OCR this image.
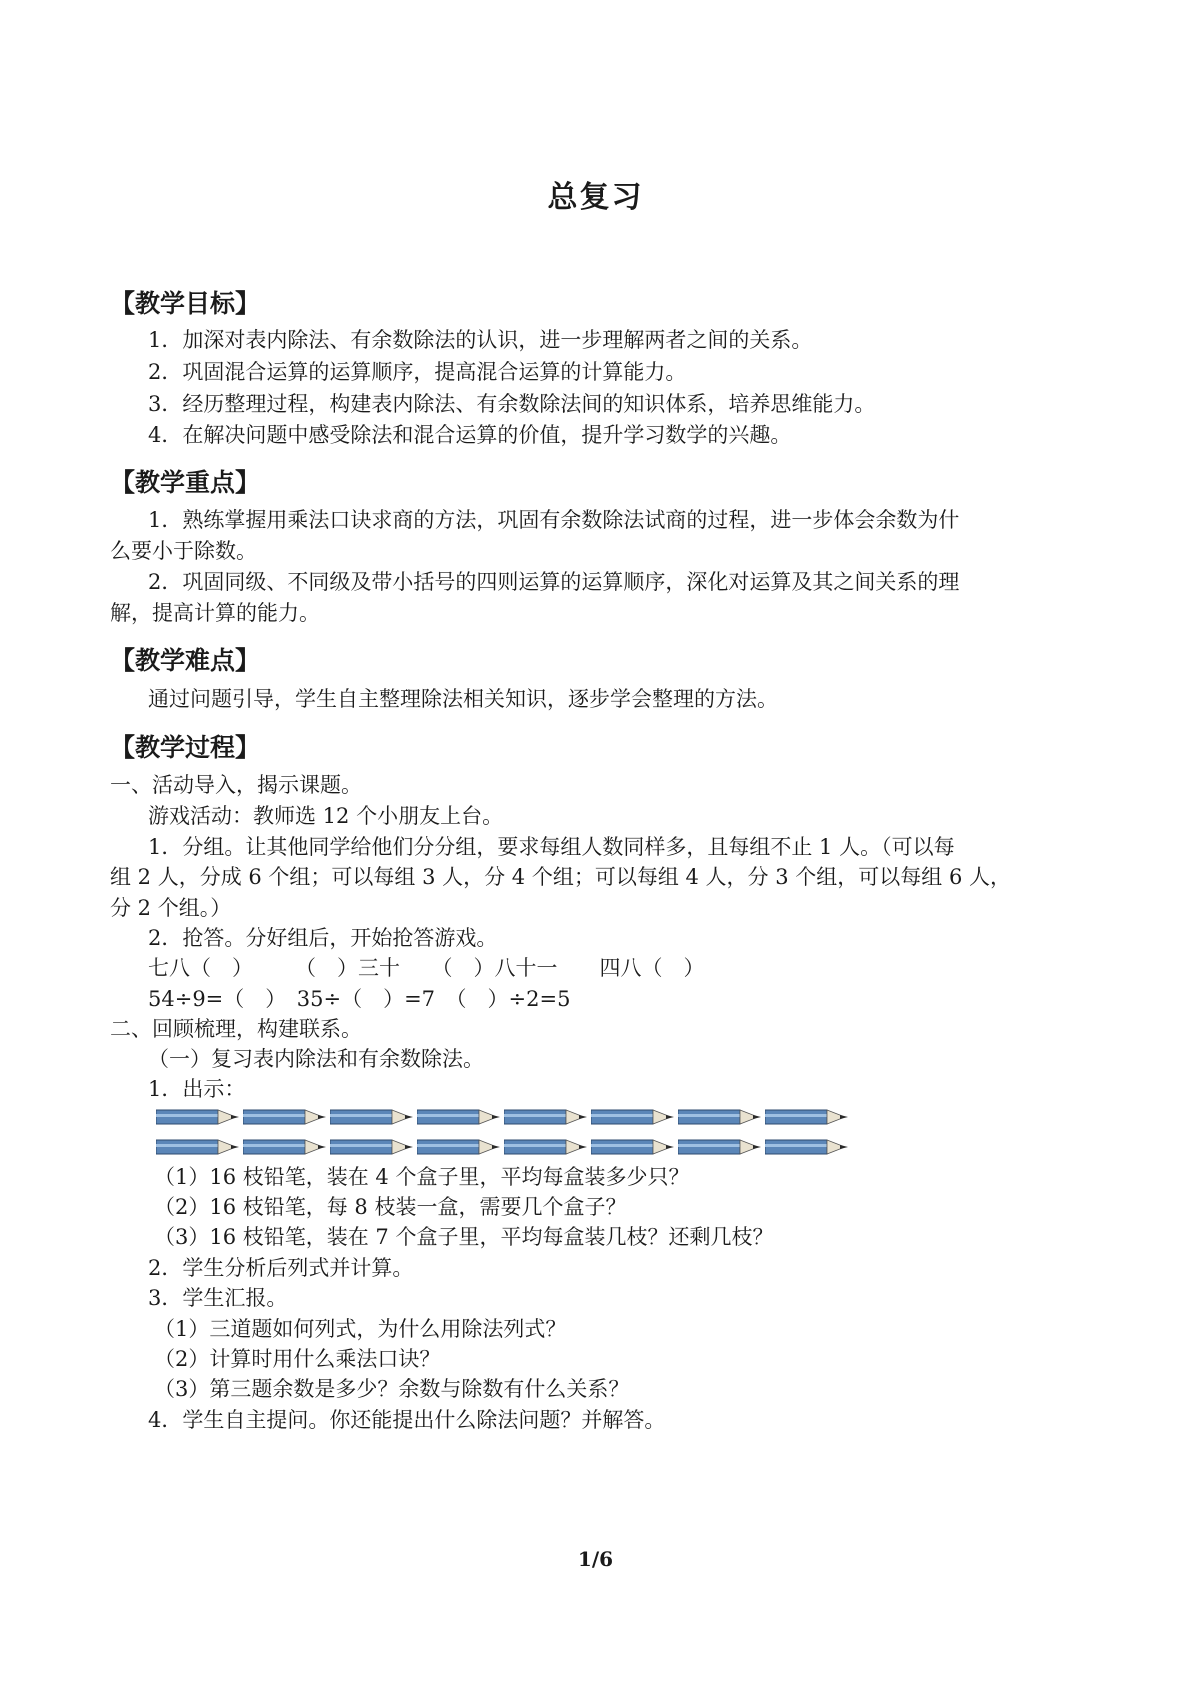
总复习
【教学目标】
1．加深对表内除法、有余数除法的认识，进一步理解两者之间的关系。
2．巩固混合运算的运算顺序，提高混合运算的计算能力。
3．经历整理过程，构建表内除法、有余数除法间的知识体系，培养思维能力。
4．在解决问题中感受除法和混合运算的价值，提升学习数学的兴趣。
【教学重点】
1．熟练掌握用乘法口诀求商的方法，巩固有余数除法试商的过程，进一步体会余数为什
么要小于除数。
2．巩固同级、不同级及带小括号的四则运算的运算顺序，深化对运算及其之间关系的理
解，提高计算的能力。
【教学难点】
通过问题引导，学生自主整理除法相关知识，逐步学会整理的方法。
【教学过程】
一、活动导入，揭示课题。
游戏活动：教师选 12 个小朋友上台。
1．分组。让其他同学给他们分分组，要求每组人数同样多，且每组不止 1 人。（可以每
组 2 人，分成 6 个组；可以每组 3 人，分 4 个组；可以每组 4 人，分 3 个组，可以每组 6 人，
分 2 个组。）
2．抢答。分好组后，开始抢答游戏。
七八（　）　　　（　）三十　　（　）八十一　　四八（　）
54÷9=（　）　35÷（　）=7　（　）÷2=5
二、回顾梳理，构建联系。
（一）复习表内除法和有余数除法。
1．出示：
（1）16 枝铅笔，装在 4 个盒子里，平均每盒装多少只？
（2）16 枝铅笔，每 8 枝装一盒，需要几个盒子？
（3）16 枝铅笔，装在 7 个盒子里，平均每盒装几枝？还剩几枝？
2．学生分析后列式并计算。
3．学生汇报。
（1）三道题如何列式，为什么用除法列式？
（2）计算时用什么乘法口诀？
（3）第三题余数是多少？余数与除数有什么关系？
4．学生自主提问。你还能提出什么除法问题？并解答。
1/6
